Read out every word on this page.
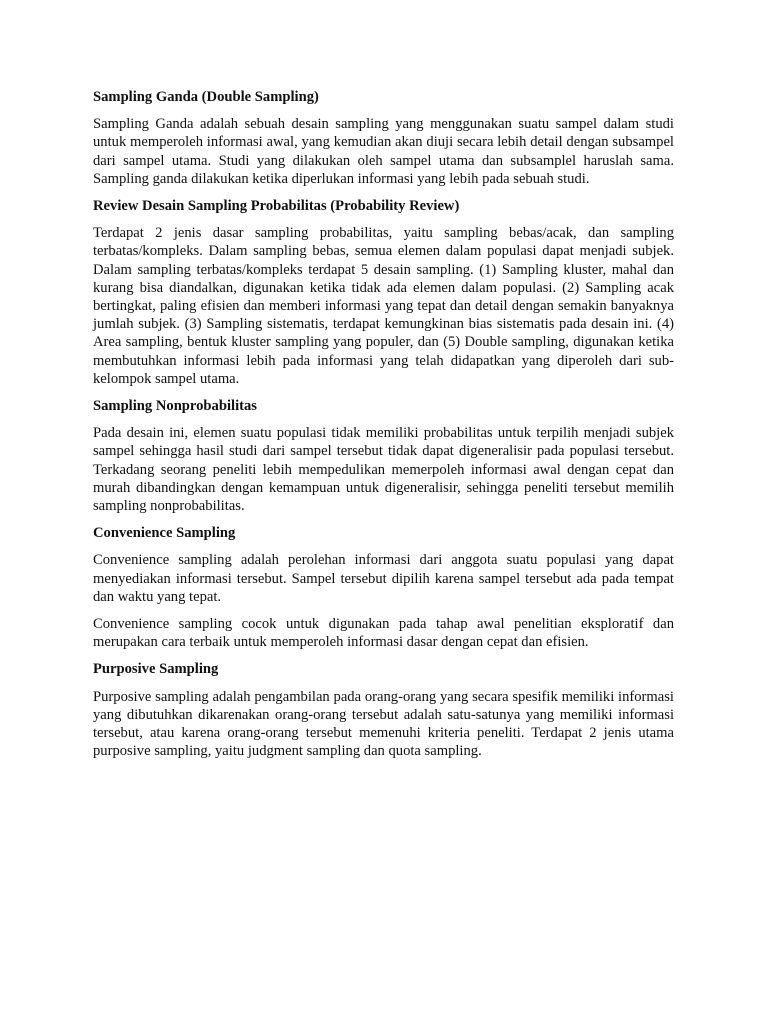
Sampling Ganda (Double Sampling)

Sampling Ganda adalah sebuah desain sampling yang menggunakan suatu sampel dalam studi untuk memperoleh informasi awal, yang kemudian akan diuji secara lebih detail dengan subsampel dari sampel utama. Studi yang dilakukan oleh sampel utama dan subsamplel haruslah sama. Sampling ganda dilakukan ketika diperlukan informasi yang lebih pada sebuah studi.

Review Desain Sampling Probabilitas (Probability Review)

Terdapat 2 jenis dasar sampling probabilitas, yaitu sampling bebas/acak, dan sampling terbatas/kompleks. Dalam sampling bebas, semua elemen dalam populasi dapat menjadi subjek. Dalam sampling terbatas/kompleks terdapat 5 desain sampling. (1) Sampling kluster, mahal dan kurang bisa diandalkan, digunakan ketika tidak ada elemen dalam populasi. (2) Sampling acak bertingkat, paling efisien dan memberi informasi yang tepat dan detail dengan semakin banyaknya jumlah subjek. (3) Sampling sistematis, terdapat kemungkinan bias sistematis pada desain ini. (4) Area sampling, bentuk kluster sampling yang populer, dan (5) Double sampling, digunakan ketika membutuhkan informasi lebih pada informasi yang telah didapatkan yang diperoleh dari sub-kelompok sampel utama.

Sampling Nonprobabilitas

Pada desain ini, elemen suatu populasi tidak memiliki probabilitas untuk terpilih menjadi subjek sampel sehingga hasil studi dari sampel tersebut tidak dapat digeneralisir pada populasi tersebut. Terkadang seorang peneliti lebih mempedulikan memerpoleh informasi awal dengan cepat dan murah dibandingkan dengan kemampuan untuk digeneralisir, sehingga peneliti tersebut memilih sampling nonprobabilitas.

Convenience Sampling

Convenience sampling adalah perolehan informasi dari anggota suatu populasi yang dapat menyediakan informasi tersebut. Sampel tersebut dipilih karena sampel tersebut ada pada tempat dan waktu yang tepat.

Convenience sampling cocok untuk digunakan pada tahap awal penelitian eksploratif dan merupakan cara terbaik untuk memperoleh informasi dasar dengan cepat dan efisien.

Purposive Sampling

Purposive sampling adalah pengambilan pada orang-orang yang secara spesifik memiliki informasi yang dibutuhkan dikarenakan orang-orang tersebut adalah satu-satunya yang memiliki informasi tersebut, atau karena orang-orang tersebut memenuhi kriteria peneliti. Terdapat 2 jenis utama purposive sampling, yaitu judgment sampling dan quota sampling.
